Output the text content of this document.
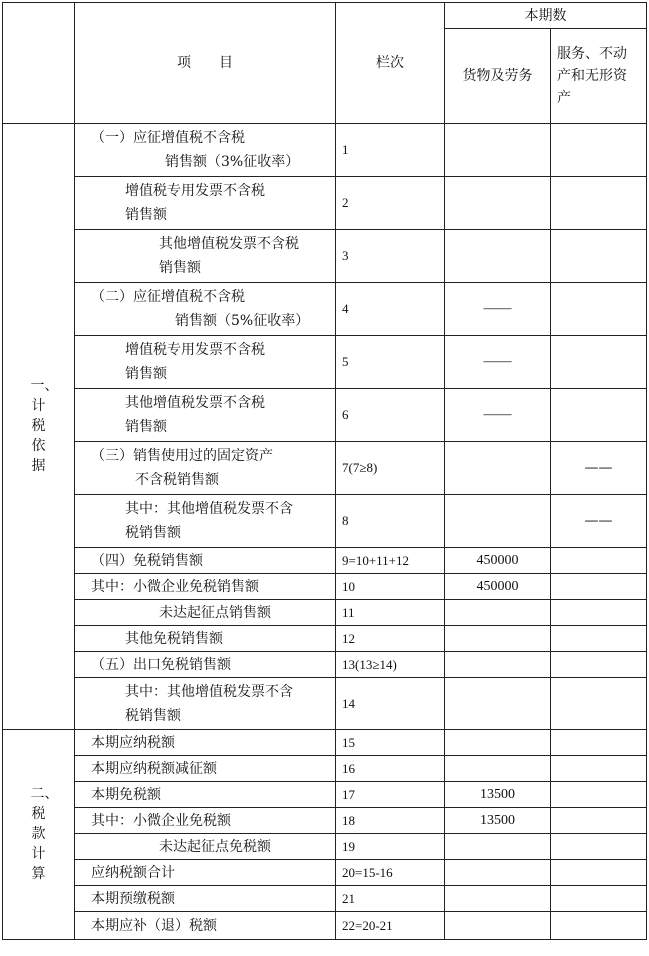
	项　　目	栏次	本期数	
			货物及劳务	服务、不动产和无形资产
一、计税依据	（一）应征增值税不含税
销售额（3%征收率）	1		

	增值税专用发票不含税
销售额	2		

	其他增值税发票不含税
销售额	3		

	（二）应征增值税不含税
销售额（5%征收率）	4	——	

	增值税专用发票不含税
销售额	5	——	

	其他增值税发票不含税
销售额	6	——	

	（三）销售使用过的固定资产
不含税销售额	7(7≥8)		——

	其中：其他增值税发票不含
税销售额	8		——

	（四）免税销售额	9=10+11+12	450000	

	其中：小微企业免税销售额	10	450000	

	未达起征点销售额	11		

	其他免税销售额	12		

	（五）出口免税销售额	13(13≥14)		

	其中：其他增值税发票不含
税销售额	14		
二、税款计算	本期应纳税额	15		

	本期应纳税额减征额	16		

	本期免税额	17	13500	

	其中：小微企业免税额	18	13500	

	未达起征点免税额	19		

	应纳税额合计	20=15-16		

	本期预缴税额	21		

	本期应补（退）税额	22=20-21		
